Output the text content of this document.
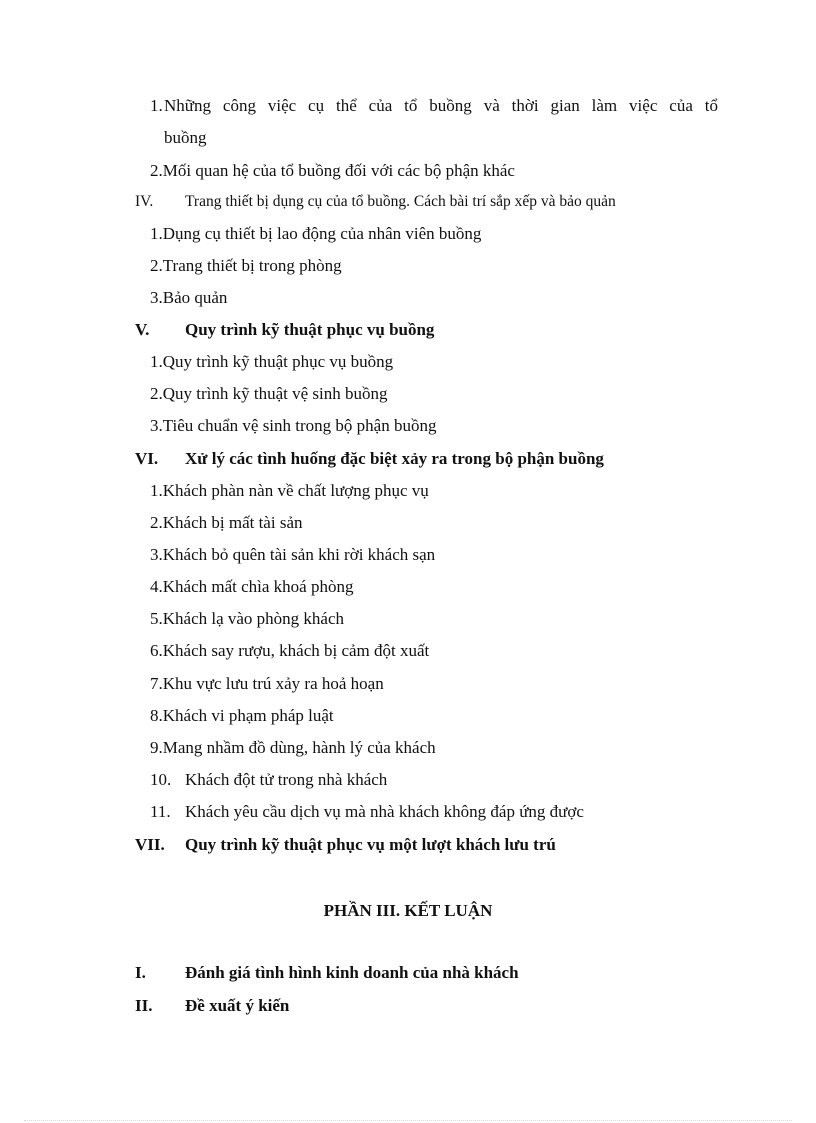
1. Những công việc cụ thể của tổ buồng và thời gian làm việc của tổ
buồng
2.Mối quan hệ của tổ buồng đối với các bộ phận khác
IV. Trang thiết bị dụng cụ của tổ buồng. Cách bài trí sắp xếp và bảo quản
1.Dụng cụ thiết bị lao động của nhân viên buồng
2.Trang thiết bị trong phòng
3.Bảo quản
V. Quy trình kỹ thuật phục vụ buồng
1.Quy trình kỹ thuật phục vụ buồng
2.Quy trình kỹ thuật vệ sinh buồng
3.Tiêu chuẩn vệ sinh trong bộ phận buồng
VI. Xử lý các tình huống đặc biệt xảy ra trong bộ phận buồng
1.Khách phàn nàn về chất lượng phục vụ
2.Khách bị mất tài sản
3.Khách bỏ quên tài sản khi rời khách sạn
4.Khách mất chìa khoá phòng
5.Khách lạ vào phòng khách
6.Khách say rượu, khách bị cảm đột xuất
7.Khu vực lưu trú xảy ra hoả hoạn
8.Khách vi phạm pháp luật
9.Mang nhầm đồ dùng, hành lý của khách
10. Khách đột tử trong nhà khách
11. Khách yêu cầu dịch vụ mà nhà khách không đáp ứng được
VII. Quy trình kỹ thuật phục vụ một lượt khách lưu trú
PHẦN III. KẾT LUẬN
I. Đánh giá tình hình kinh doanh của nhà khách
II. Đề xuất ý kiến
